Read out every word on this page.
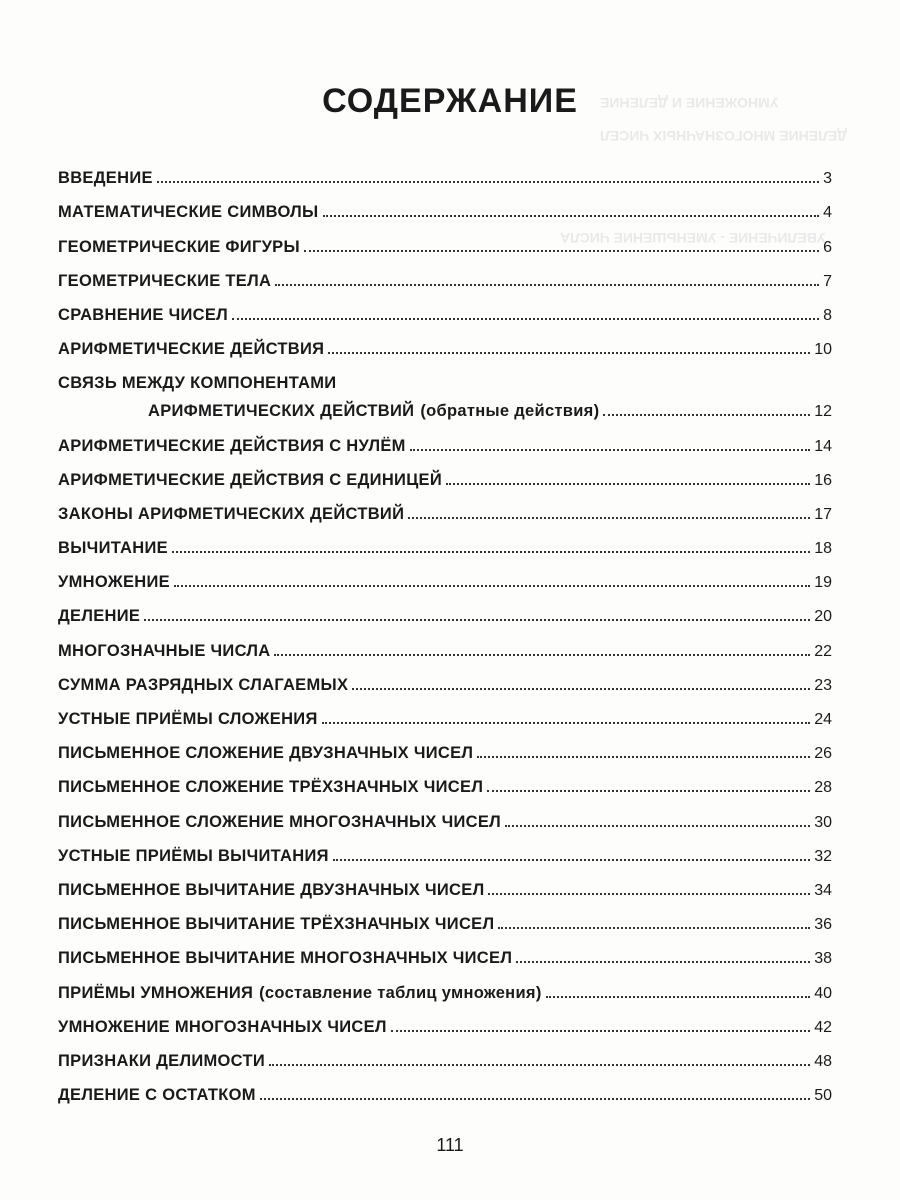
УМНОЖЕНИЕ И ДЕЛЕНИЕ
ДЕЛЕНИЕ МНОГОЗНАЧНЫХ ЧИСЕЛ
УВЕЛИЧЕНИЕ - УМЕНЬШЕНИЕ ЧИСЛА
СОДЕРЖАНИЕ
ВВЕДЕНИЕ	3
МАТЕМАТИЧЕСКИЕ СИМВОЛЫ	4
ГЕОМЕТРИЧЕСКИЕ ФИГУРЫ	6
ГЕОМЕТРИЧЕСКИЕ ТЕЛА	7
СРАВНЕНИЕ ЧИСЕЛ	8
АРИФМЕТИЧЕСКИЕ ДЕЙСТВИЯ	10
СВЯЗЬ МЕЖДУ КОМПОНЕНТАМИ
АРИФМЕТИЧЕСКИХ ДЕЙСТВИЙ (обратные действия)	12
АРИФМЕТИЧЕСКИЕ ДЕЙСТВИЯ С НУЛЁМ	14
АРИФМЕТИЧЕСКИЕ ДЕЙСТВИЯ С ЕДИНИЦЕЙ	16
ЗАКОНЫ АРИФМЕТИЧЕСКИХ ДЕЙСТВИЙ	17
ВЫЧИТАНИЕ	18
УМНОЖЕНИЕ	19
ДЕЛЕНИЕ	20
МНОГОЗНАЧНЫЕ ЧИСЛА	22
СУММА РАЗРЯДНЫХ СЛАГАЕМЫХ	23
УСТНЫЕ ПРИЁМЫ СЛОЖЕНИЯ	24
ПИСЬМЕННОЕ СЛОЖЕНИЕ ДВУЗНАЧНЫХ ЧИСЕЛ	26
ПИСЬМЕННОЕ СЛОЖЕНИЕ ТРЁХЗНАЧНЫХ ЧИСЕЛ	28
ПИСЬМЕННОЕ СЛОЖЕНИЕ МНОГОЗНАЧНЫХ ЧИСЕЛ	30
УСТНЫЕ ПРИЁМЫ ВЫЧИТАНИЯ	32
ПИСЬМЕННОЕ ВЫЧИТАНИЕ ДВУЗНАЧНЫХ ЧИСЕЛ	34
ПИСЬМЕННОЕ ВЫЧИТАНИЕ ТРЁХЗНАЧНЫХ ЧИСЕЛ	36
ПИСЬМЕННОЕ ВЫЧИТАНИЕ МНОГОЗНАЧНЫХ ЧИСЕЛ	38
ПРИЁМЫ УМНОЖЕНИЯ (составление таблиц умножения)	40
УМНОЖЕНИЕ МНОГОЗНАЧНЫХ ЧИСЕЛ	42
ПРИЗНАКИ ДЕЛИМОСТИ	48
ДЕЛЕНИЕ С ОСТАТКОМ	50
111
